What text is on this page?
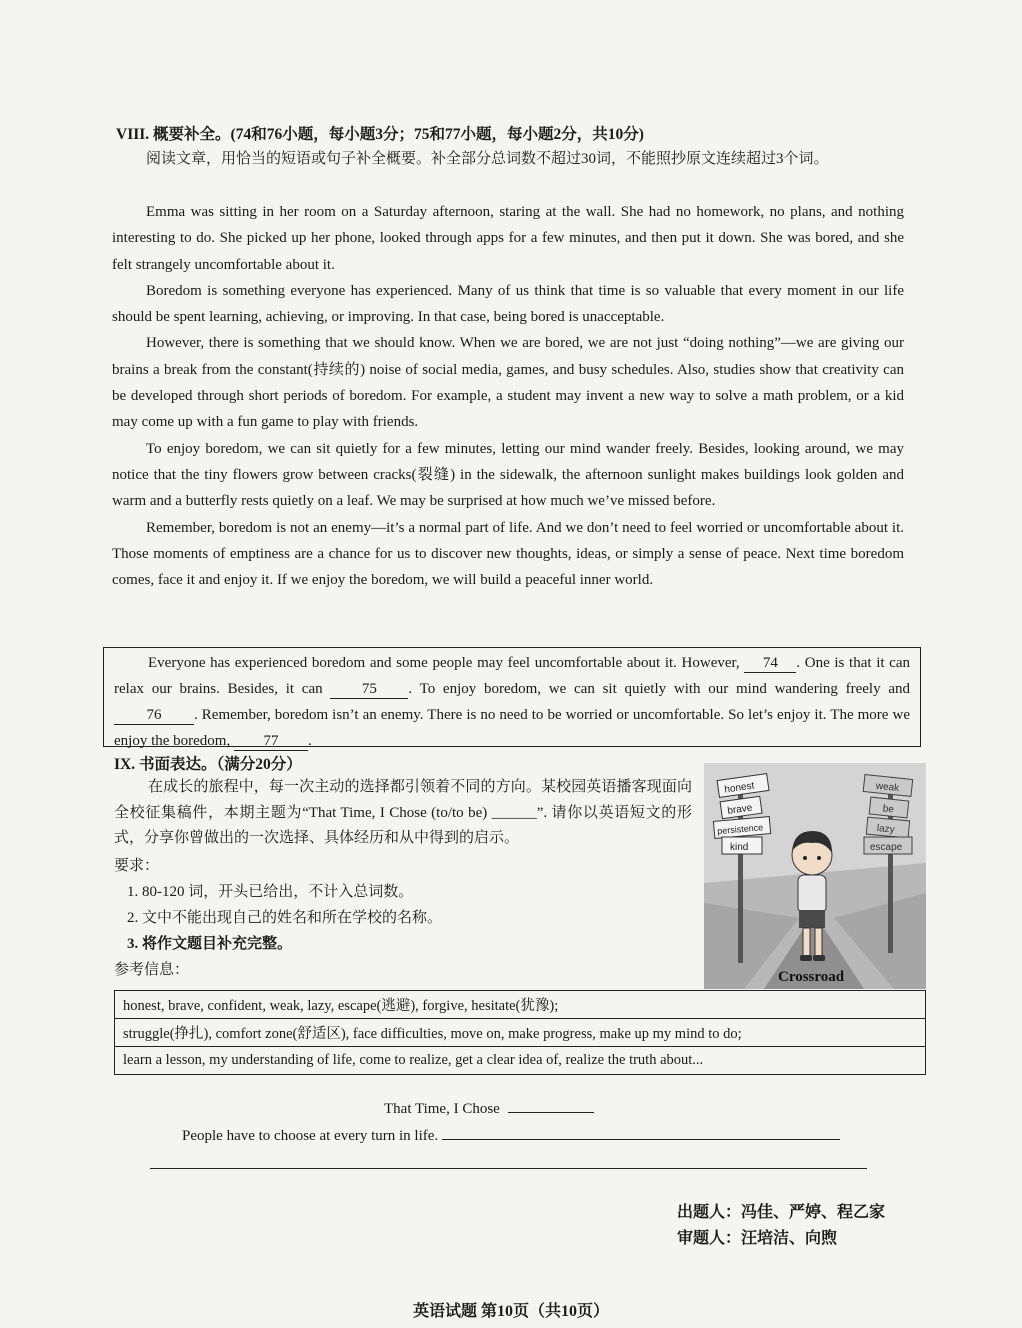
VIII. 概要补全。(74和76小题，每小题3分；75和77小题，每小题2分，共10分)

阅读文章，用恰当的短语或句子补全概要。补全部分总词数不超过30词，不能照抄原文连续超过3个词。

Emma was sitting in her room on a Saturday afternoon, staring at the wall. She had no homework, no plans, and nothing interesting to do. She picked up her phone, looked through apps for a few minutes, and then put it down. She was bored, and she felt strangely uncomfortable about it.

Boredom is something everyone has experienced. Many of us think that time is so valuable that every moment in our life should be spent learning, achieving, or improving. In that case, being bored is unacceptable.

However, there is something that we should know. When we are bored, we are not just “doing nothing”—we are giving our brains a break from the constant(持续的) noise of social media, games, and busy schedules. Also, studies show that creativity can be developed through short periods of boredom. For example, a student may invent a new way to solve a math problem, or a kid may come up with a fun game to play with friends.

To enjoy boredom, we can sit quietly for a few minutes, letting our mind wander freely. Besides, looking around, we may notice that the tiny flowers grow between cracks(裂缝) in the sidewalk, the afternoon sunlight makes buildings look golden and warm and a butterfly rests quietly on a leaf. We may be surprised at how much we’ve missed before.

Remember, boredom is not an enemy—it’s a normal part of life. And we don’t need to feel worried or uncomfortable about it. Those moments of emptiness are a chance for us to discover new thoughts, ideas, or simply a sense of peace. Next time boredom comes, face it and enjoy it. If we enjoy the boredom, we will build a peaceful inner world.

Everyone has experienced boredom and some people may feel uncomfortable about it. However, 74 . One is that it can relax our brains. Besides, it can 75 . To enjoy boredom, we can sit quietly with our mind wandering freely and 76 . Remember, boredom isn’t an enemy. There is no need to be worried or uncomfortable. So let’s enjoy it. The more we enjoy the boredom, 77 .

IX. 书面表达。（满分20分）

在成长的旅程中，每一次主动的选择都引领着不同的方向。某校园英语播客现面向全校征集稿件，本期主题为“That Time, I Chose (to/to be) ______”. 请你以英语短文的形式，分享你曾做出的一次选择、具体经历和从中得到的启示。

要求：
1. 80-120 词，开头已给出，不计入总词数。
2. 文中不能出现自己的姓名和所在学校的名称。
3. 将作文题目补充完整。
参考信息：
honest
brave
persistence
kind
weak
be
lazy
escape
Crossroad
honest, brave, confident, weak, lazy, escape(逃避), forgive, hesitate(犹豫);
struggle(挣扎), comfort zone(舒适区), face difficulties, move on, make progress, make up my mind to do;
learn a lesson, my understanding of life, come to realize, get a clear idea of, realize the truth about...
That Time, I Chose
People have to choose at every turn in life.
出题人：冯佳、严婷、程乙家
审题人：汪培洁、向煦
英语试题 第10页（共10页）
